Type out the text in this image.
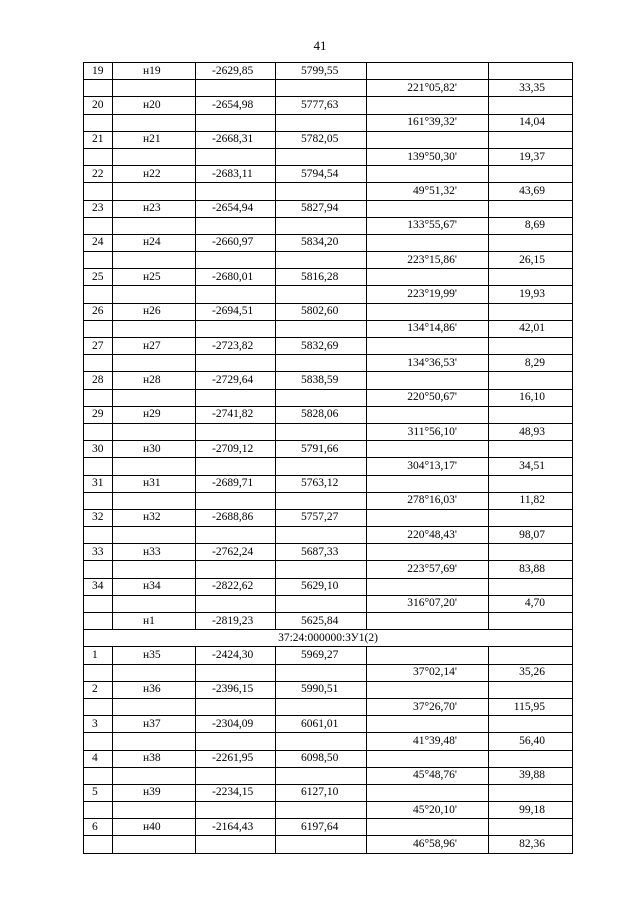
41
19	н19	-2629,85	5799,55		
				221°05,82'	33,35
20	н20	-2654,98	5777,63		
				161°39,32'	14,04
21	н21	-2668,31	5782,05		
				139°50,30'	19,37
22	н22	-2683,11	5794,54		
				49°51,32'	43,69
23	н23	-2654,94	5827,94		
				133°55,67'	8,69
24	н24	-2660,97	5834,20		
				223°15,86'	26,15
25	н25	-2680,01	5816,28		
				223°19,99'	19,93
26	н26	-2694,51	5802,60		
				134°14,86'	42,01
27	н27	-2723,82	5832,69		
				134°36,53'	8,29
28	н28	-2729,64	5838,59		
				220°50,67'	16,10
29	н29	-2741,82	5828,06		
				311°56,10'	48,93
30	н30	-2709,12	5791,66		
				304°13,17'	34,51
31	н31	-2689,71	5763,12		
				278°16,03'	11,82
32	н32	-2688,86	5757,27		
				220°48,43'	98,07
33	н33	-2762,24	5687,33		
				223°57,69'	83,88
34	н34	-2822,62	5629,10		
				316°07,20'	4,70
	н1	-2819,23	5625,84		
37:24:000000:ЗУ1(2)					
1	н35	-2424,30	5969,27		
				37°02,14'	35,26
2	н36	-2396,15	5990,51		
				37°26,70'	115,95
3	н37	-2304,09	6061,01		
				41°39,48'	56,40
4	н38	-2261,95	6098,50		
				45°48,76'	39,88
5	н39	-2234,15	6127,10		
				45°20,10'	99,18
6	н40	-2164,43	6197,64		
				46°58,96'	82,36
